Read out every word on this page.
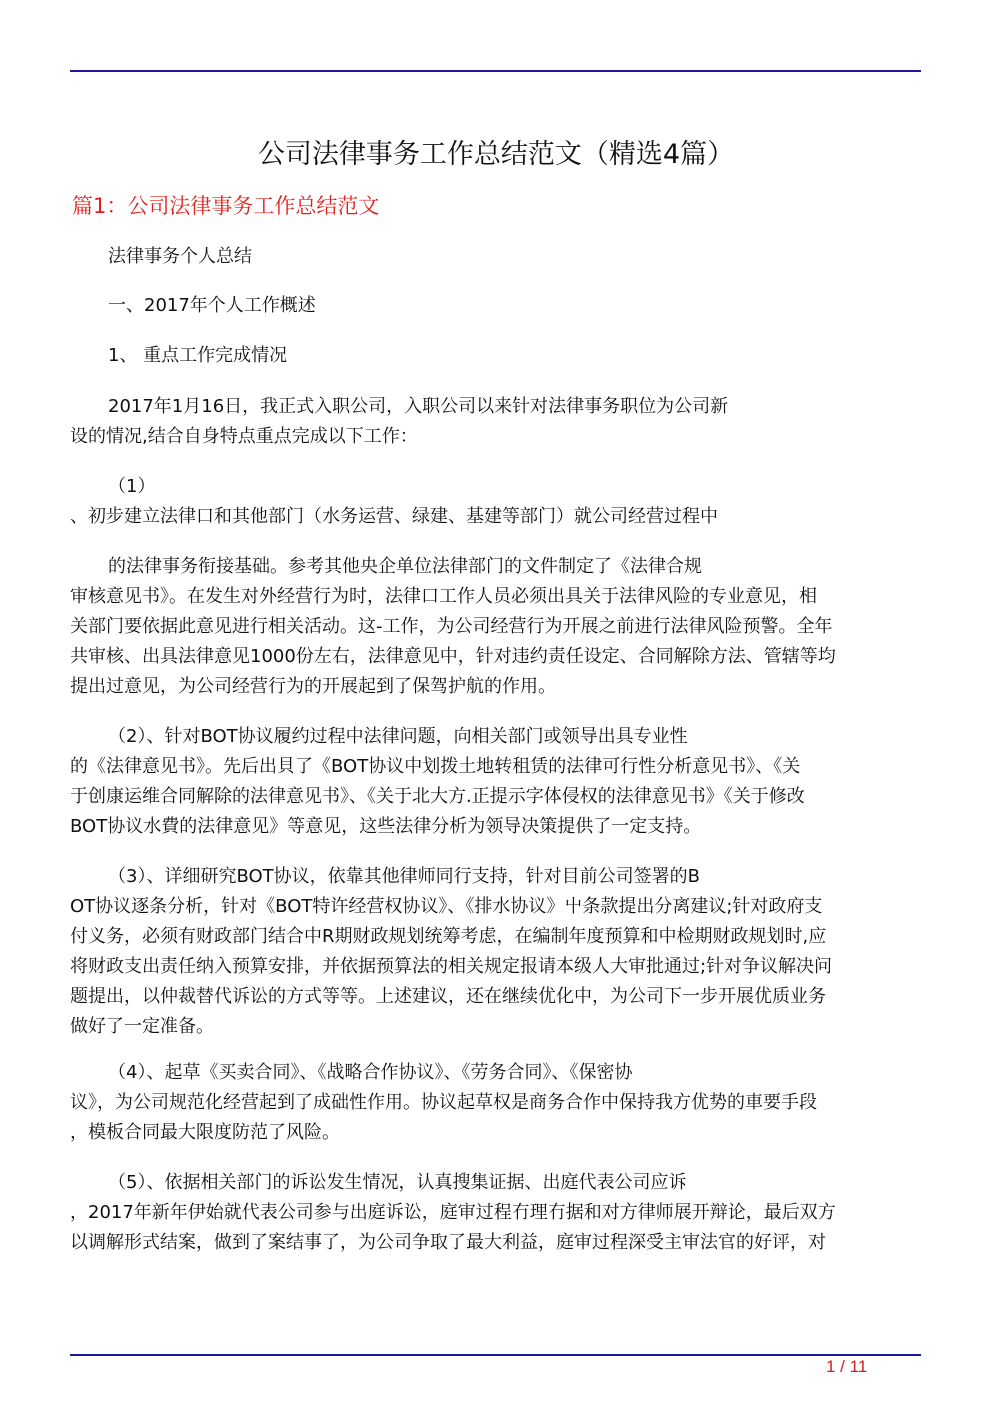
公司法律事务工作总结范文（精选4篇）
篇1：公司法律事务工作总结范文
法律事务个人总结
一、2017年个人工作概述
1、 重点工作完成情况
2017年1月16日，我正式入职公司，入职公司以来针对法律事务职位为公司新
设的情况,结合自身特点重点完成以下工作：
（1）
、初步建立法律口和其他部门（水务运营、绿建、基建等部门）就公司经营过程中
的法律事务衔接基础。参考其他央企单位法律部门的文件制定了《法律合规
审核意见书》。在发生对外经营行为时，法律口工作人员必须出具关于法律风险的专业意见，相
关部门要依据此意见进行相关活动。这-工作，为公司经营行为开展之前进行法律风险预警。全年
共审核、出具法律意见1000份左右，法律意见中，针对违约责任设定、合同解除方法、管辖等均
提出过意见，为公司经营行为的开展起到了保驾护航的作用。
（2）、针对BOT协议履约过程中法律问题，向相关部门或领导出具专业性
的《法律意见书》。先后出貝了《BOT协议中划拨土地转租赁的法律可行性分析意见书》、《关
于创康运维合同解除的法律意见书》、《关于北大方.正提示字体侵权的法律意见书》《关于修改
BOT协议水費的法律意见》等意见，这些法律分析为领导决策提供了一定支持。
（3）、详细研究BOT协议，依靠其他律师同行支持，针对目前公司签署的B
OT协议逐条分析，针对《BOT特许经营权协议》、《排水协议》屮条款提出分离建议;针对政府支
付义务，必须有财政部门结合中R期财政规划统筹考虑，在编制年度预算和中检期财政规划时,应
将财政支出责任纳入预算安排，并依据预算法的相关规定报请本级人大审批通过;针对争议解决问
题提出，以仲裁替代诉讼的方式等等。上述建议，还在继续优化中，为公司下一步开展优质业务
做好了一定准备。
（4）、起草《买卖合同》、《战略合作协议》、《劳务合同》、《保密协
议》，为公司规范化经营起到了成础性作用。协议起草权是商务合作中保持我方优势的車要手段
，模板合同最大限度防范了风险。
（5）、依据相关部门的诉讼发生情况，认真搜集证据、出庭代表公司应诉
，2017年新年伊始就代表公司参与出庭诉讼，庭审过程冇理冇据和对方律师展开辩论，最后双方
以调解形式结案，做到了案结事了，为公司争取了最大利益，庭审过程深受主审法官的好评，对
1 / 11
